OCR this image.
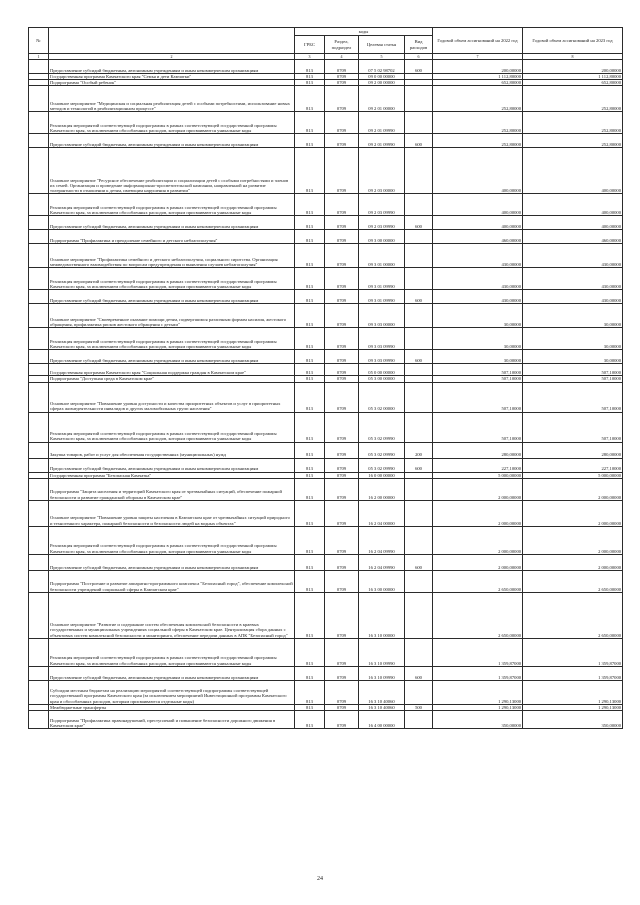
№		коды				Годовой объем ассигнований на 2022 год	Годовой объем ассигнований на 2023 год
		ГРБС	Раздел, подраздел	Целевая статья	Вид расходов		
1	2	3	4	5	6	7	8
	Предоставление субсидий бюджетным, автономным учреждениям и иным некоммерческим организациям	813	0709	07 5 02 98702	600	200,00000	200,00000
	Государственная программа Камчатского края "Семья и дети Камчатки"	813	0709	09 0 00 00000		1 112,80000	1 112,80000
	Подпрограмма "Особый ребенок"	813	0709	09 2 00 00000		652,80000	652,80000
	Основное мероприятие "Медицинская и социальная реабилитация детей с особыми потребностями, использование новых методов и технологий в реабилитационном процессе"	813	0709	09 2 01 00000		252,80000	252,80000
	Реализация мероприятий соответствующей подпрограммы в рамках соответствующей государственной программы Камчатского края, за исключением обособленных расходов, которым присваиваются уникальные коды	813	0709	09 2 01 09990		252,80000	252,80000
	Предоставление субсидий бюджетным, автономным учреждениям и иным некоммерческим организациям	813	0709	09 2 01 09990	600	252,80000	252,80000
	Основное мероприятие "Ресурсное обеспечение реабилитации и социализации детей с особыми потребностями и членов их семей. Организация и проведение информационно-просветительской кампании, направленной на развитие толерантности в отношении к детям, имеющим нарушения в развитии"	813	0709	09 2 03 00000		400,00000	400,00000
	Реализация мероприятий соответствующей подпрограммы в рамках соответствующей государственной программы Камчатского края, за исключением обособленных расходов, которым присваиваются уникальные коды	813	0709	09 2 03 09990		400,00000	400,00000
	Предоставление субсидий бюджетным, автономным учреждениям и иным некоммерческим организациям	813	0709	09 2 03 09990	600	400,00000	400,00000
	Подпрограмма "Профилактика и преодоление семейного и детского неблагополучия"	813	0709	09 3 00 00000		460,00000	460,00000
	Основное мероприятие "Профилактика семейного и детского неблагополучия, социального сиротства. Организация межведомственного взаимодействия по вопросам предупреждения и выявления случаев неблагополучия"	813	0709	09 3 01 00000		430,00000	430,00000
	Реализация мероприятий соответствующей подпрограммы в рамках соответствующей государственной программы Камчатского края, за исключением обособленных расходов, которым присваиваются уникальные коды	813	0709	09 3 01 09990		430,00000	430,00000
	Предоставление субсидий бюджетным, автономным учреждениям и иным некоммерческим организациям	813	0709	09 3 01 09990	600	430,00000	430,00000
	Основное мероприятие "Своевременное оказание помощи детям, подвергшимся различным формам насилия, жестокого обращения, профилактика рисков жестокого обращения с детьми"	813	0709	09 3 03 00000		30,00000	30,00000
	Реализация мероприятий соответствующей подпрограммы в рамках соответствующей государственной программы Камчатского края, за исключением обособленных расходов, которым присваиваются уникальные коды	813	0709	09 3 03 09990		30,00000	30,00000
	Предоставление субсидий бюджетным, автономным учреждениям и иным некоммерческим организациям	813	0709	09 3 03 09990	600	30,00000	30,00000
	Государственная программа Камчатского края "Социальная поддержка граждан в Камчатском крае"	813	0709	05 0 00 00000		507,10000	507,10000
	Подпрограмма "Доступная среда в Камчатском крае"	813	0709	05 3 00 00000		507,10000	507,10000
	Основное мероприятие "Повышение уровня доступности и качества приоритетных объектов и услуг в приоритетных сферах жизнедеятельности инвалидов и других маломобильных групп населения"	813	0709	05 3 02 00000		507,10000	507,10000
	Реализация мероприятий соответствующей подпрограммы в рамках соответствующей государственной программы Камчатского края, за исключением обособленных расходов, которым присваиваются уникальные коды	813	0709	05 3 02 09990		507,10000	507,10000
	Закупка товаров, работ и услуг для обеспечения государственных (муниципальных) нужд	813	0709	05 3 02 09990	200	280,00000	280,00000
	Предоставление субсидий бюджетным, автономным учреждениям и иным некоммерческим организациям	813	0709	05 3 02 09990	600	227,10000	227,10000
	Государственная программа "Безопасная Камчатка"	813	0709	16 0 00 00000		5 000,00000	5 000,00000
	Подпрограмма "Защита населения и территорий Камчатского края от чрезвычайных ситуаций, обеспечение пожарной безопасности и развитие гражданской обороны в Камчатском крае"	813	0709	16 2 00 00000		2 000,00000	2 000,00000
	Основное мероприятие "Повышение уровня защиты населения в Камчатском крае от чрезвычайных ситуаций природного и техногенного характера, пожарной безопасности и безопасности людей на водных объектах"	813	0709	16 2 04 00000		2 000,00000	2 000,00000
	Реализация мероприятий соответствующей подпрограммы в рамках соответствующей государственной программы Камчатского края, за исключением обособленных расходов, которым присваиваются уникальные коды	813	0709	16 2 04 09990		2 000,00000	2 000,00000
	Предоставление субсидий бюджетным, автономным учреждениям и иным некоммерческим организациям	813	0709	16 2 04 09990	600	2 000,00000	2 000,00000
	Подпрограмма "Построение и развитие аппаратно-программного комплекса "Безопасный город", обеспечение комплексной безопасности учреждений социальной сферы в Камчатском крае"	813	0709	16 3 00 00000		2 650,00000	2 650,00000
	Основное мероприятие "Развитие и содержание систем обеспечения комплексной безопасности в краевых государственных и муниципальных учреждениях социальной сферы в Камчатском крае. Централизация сбора данных с объектовых систем комплексной безопасности и мониторинга, обеспечение передачи данных в АПК "Безопасный город"	813	0709	16 3 10 00000		2 650,00000	2 650,00000
	Реализация мероприятий соответствующей подпрограммы в рамках соответствующей государственной программы Камчатского края, за исключением обособленных расходов, которым присваиваются уникальные коды	813	0709	16 3 10 09990		1 359,87000	1 359,87000
	Предоставление субсидий бюджетным, автономным учреждениям и иным некоммерческим организациям	813	0709	16 3 10 09990	600	1 359,87000	1 359,87000
	Субсидии местным бюджетам на реализацию мероприятий соответствующей подпрограммы соответствующей государственной программы Камчатского края (за исключением мероприятий Инвестиционной программы Камчатского края и обособленных расходов, которым присваиваются отдельные коды)	813	0709	16 3 10 40060		1 290,13000	1 290,13000
	Межбюджетные трансферты	813	0709	16 3 10 40060	500	1 290,13000	1 290,13000
	Подпрограмма "Профилактика правонарушений, преступлений и повышение безопасности дорожного движения в Камчатском крае"	813	0709	16 4 00 00000		350,00000	350,00000
24
